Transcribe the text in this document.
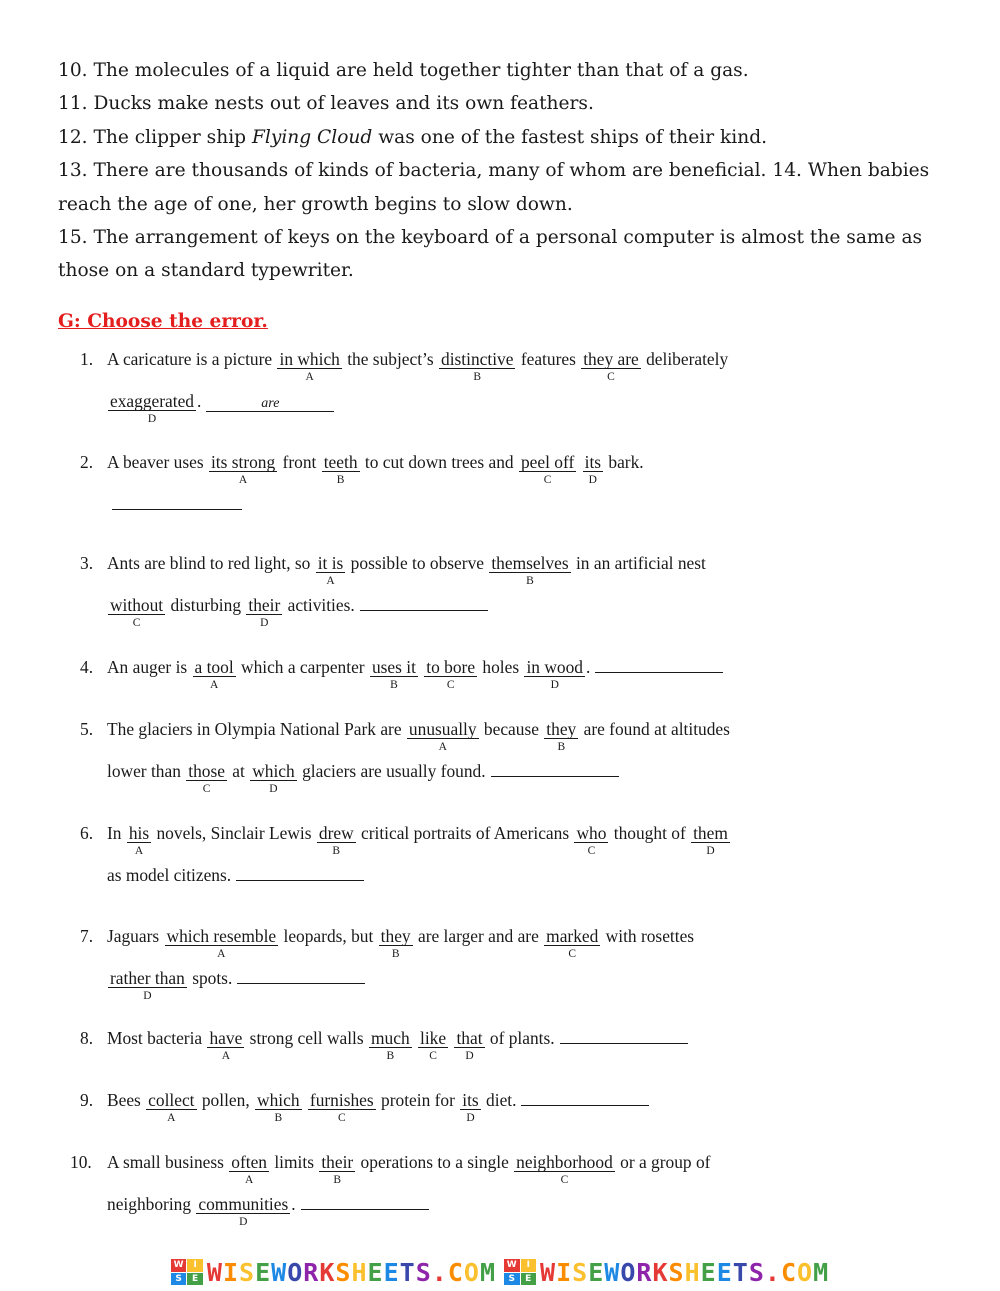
10. The molecules of a liquid are held together tighter than that of a gas.

11. Ducks make nests out of leaves and its own feathers.

12. The clipper ship Flying Cloud was one of the fastest ships of their kind.

13. There are thousands of kinds of bacteria, many of whom are beneficial. 14. When babies reach the age of one, her growth begins to slow down.

15. The arrangement of keys on the keyboard of a personal computer is almost the same as those on a standard typewriter.

G: Choose the error.
1. A caricature is a picture in which
A
the subject’s distinctive
B
features they are
C
deliberately
exaggerated
D
.	are
2. A beaver uses its strong
A
front teeth
B
to cut down trees and peel off
C
its
D
bark.
3. Ants are blind to red light, so it is
A
possible to observe themselves
B
in an artificial nest
without
C
disturbing their
D
activities.
4. An auger is a tool
A
which a carpenter uses it
B
to bore
C
holes in wood
D
.
5. The glaciers in Olympia National Park are unusually
A
because they
B
are found at altitudes
lower than those
C
at which
D
glaciers are usually found.
6. In his
A
novels, Sinclair Lewis drew
B
critical portraits of Americans who
C
thought of them
D
as model citizens.
7. Jaguars which resemble
A
leopards, but they
B
are larger and are marked
C
with rosettes
rather than
D
spots.
8. Most bacteria have
A
strong cell walls much
B
like
C
that
D
of plants.
9. Bees collect
A
pollen, which
B
furnishes
C
protein for its
D
diet.
10. A small business often
A
limits their
B
operations to a single neighborhood
C
or a group of
neighboring communities
D
.
W	I
S	E WISEWORKSHEETS.COM	W	I
S	E WISEWORKSHEETS.COM
